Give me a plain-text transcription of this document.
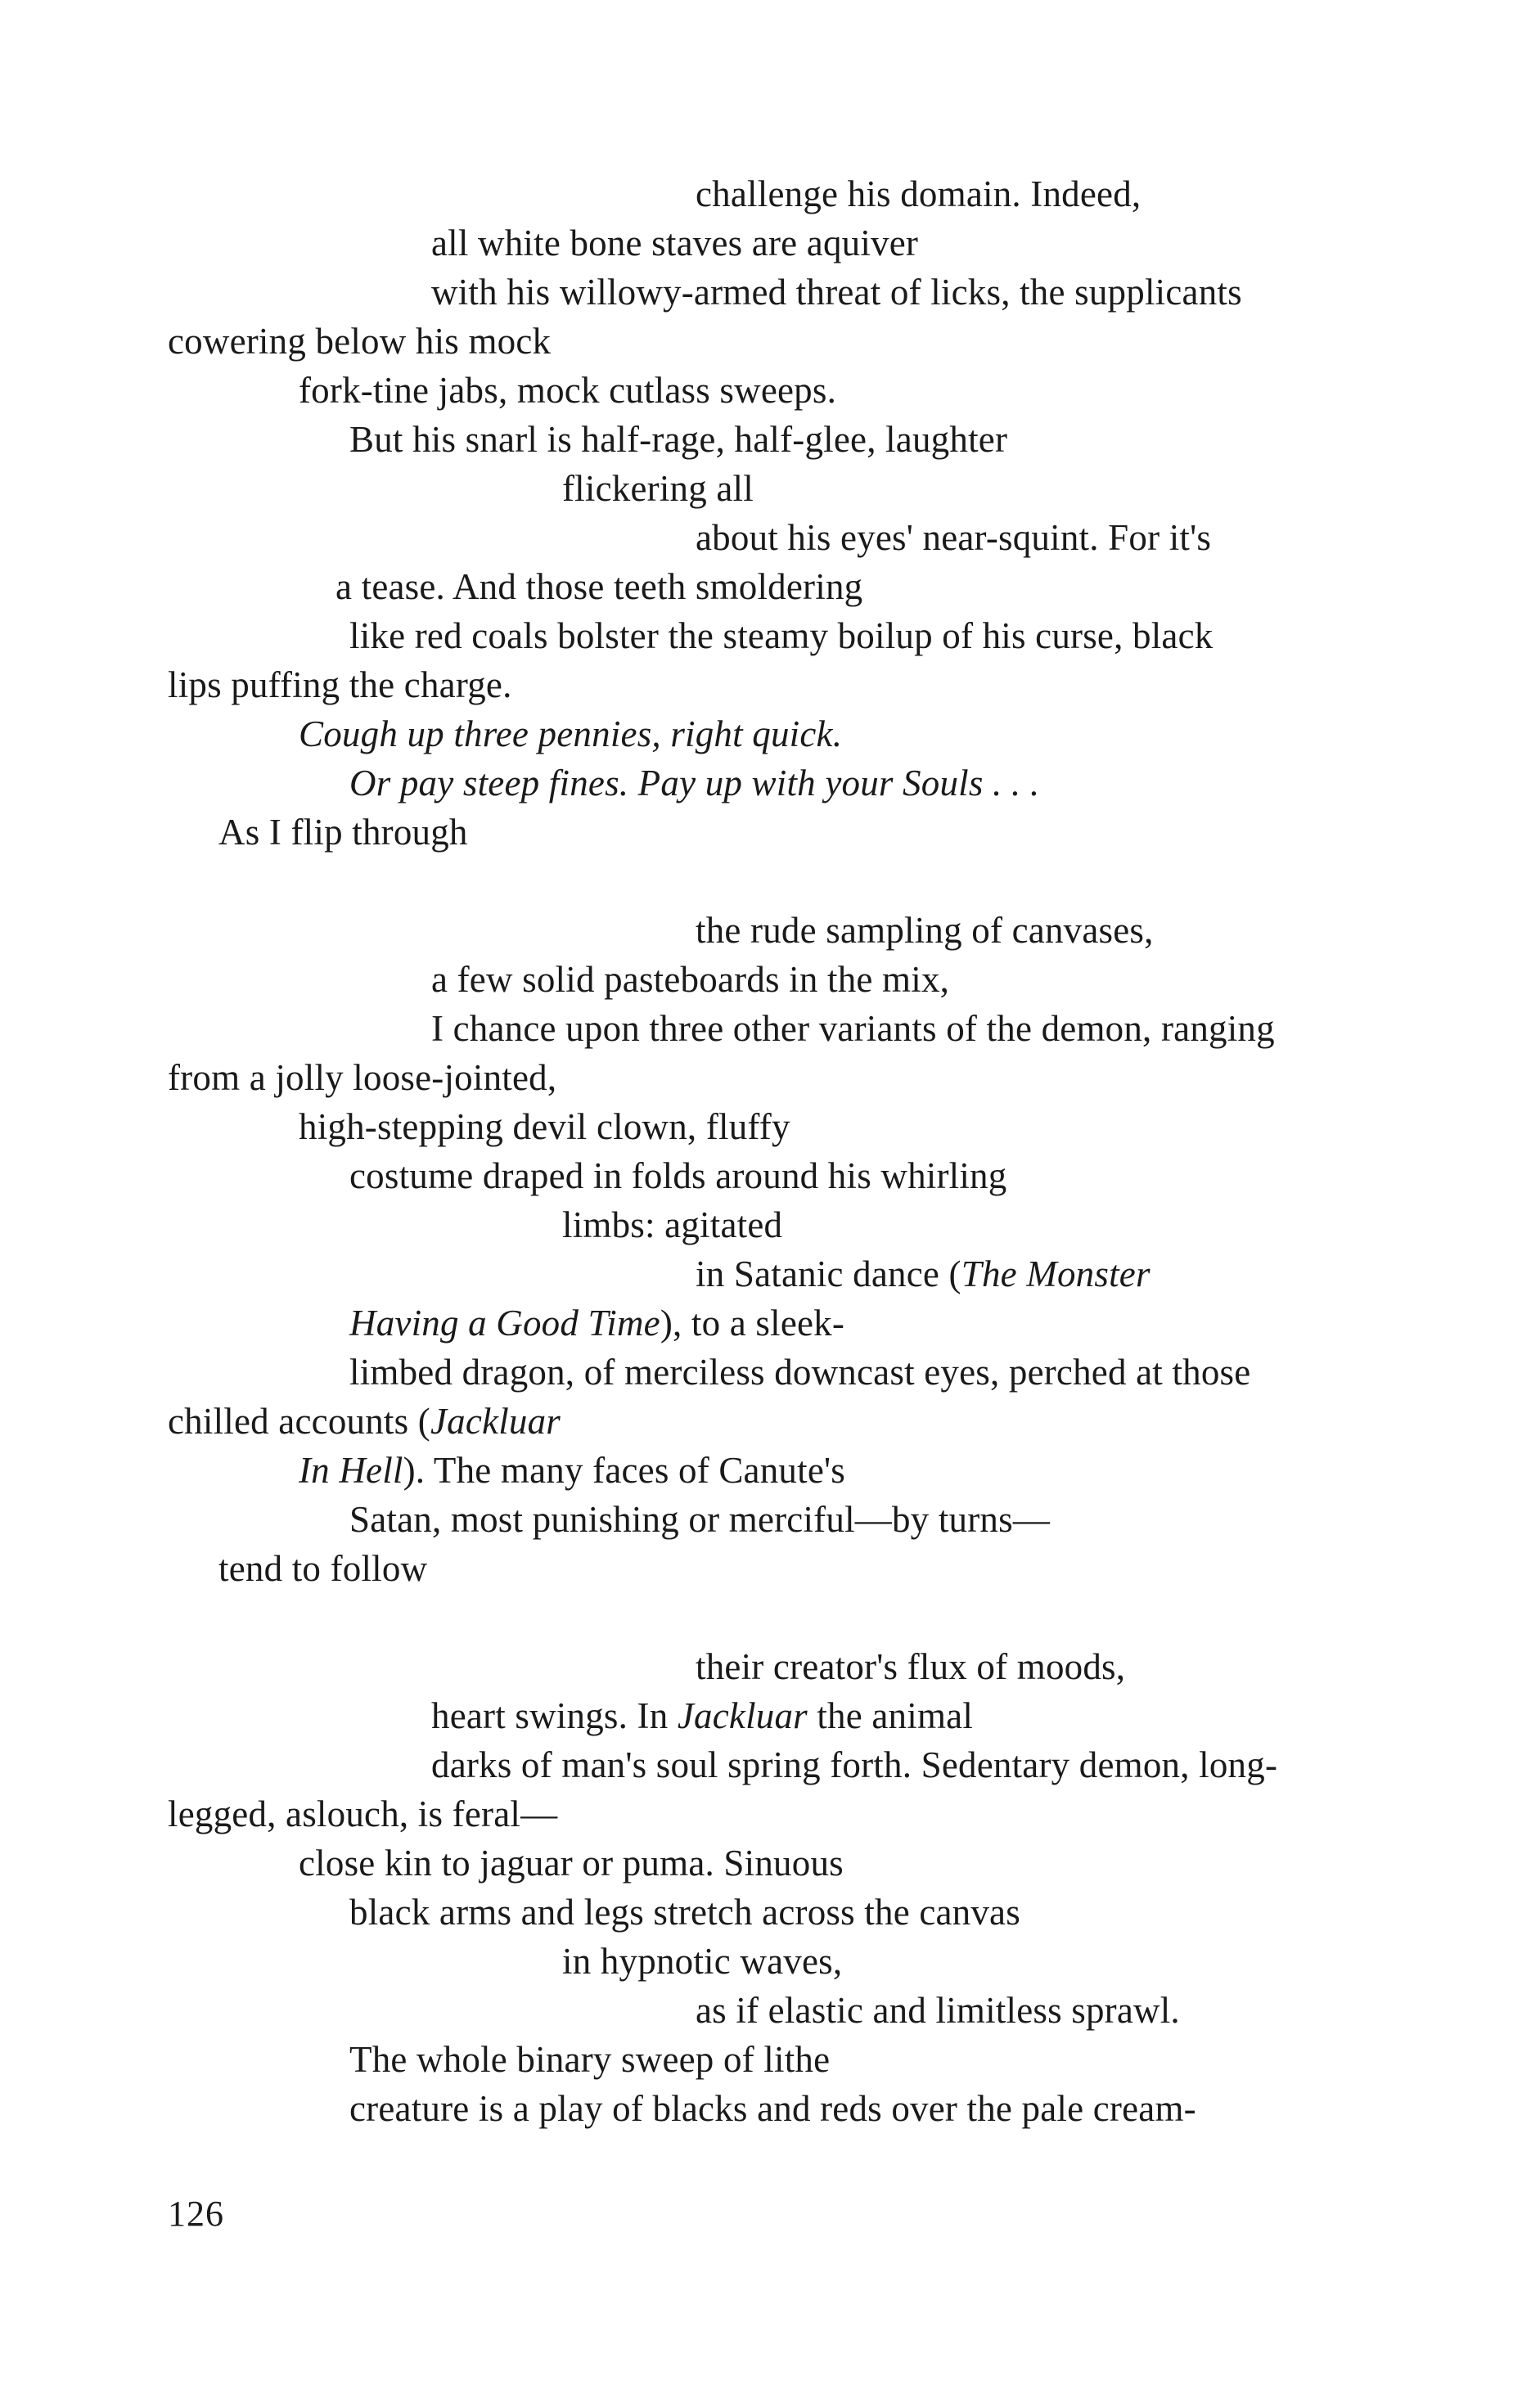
challenge his domain. Indeed,
all white bone staves are aquiver
with his willowy-armed threat of licks, the supplicants
cowering below his mock
fork-tine jabs, mock cutlass sweeps.
But his snarl is half-rage, half-glee, laughter
flickering all
about his eyes' near-squint. For it's
a tease. And those teeth smoldering
like red coals bolster the steamy boilup of his curse, black
lips puffing the charge.
Cough up three pennies, right quick.
Or pay steep fines. Pay up with your Souls . . .
As I flip through
the rude sampling of canvases,
a few solid pasteboards in the mix,
I chance upon three other variants of the demon, ranging
from a jolly loose-jointed,
high-stepping devil clown, fluffy
costume draped in folds around his whirling
limbs: agitated
in Satanic dance (The Monster
Having a Good Time), to a sleek-
limbed dragon, of merciless downcast eyes, perched at those
chilled accounts (Jackluar
In Hell). The many faces of Canute's
Satan, most punishing or merciful—by turns—
tend to follow
their creator's flux of moods,
heart swings. In Jackluar the animal
darks of man's soul spring forth. Sedentary demon, long-
legged, aslouch, is feral—
close kin to jaguar or puma. Sinuous
black arms and legs stretch across the canvas
in hypnotic waves,
as if elastic and limitless sprawl.
The whole binary sweep of lithe
creature is a play of blacks and reds over the pale cream-
126
